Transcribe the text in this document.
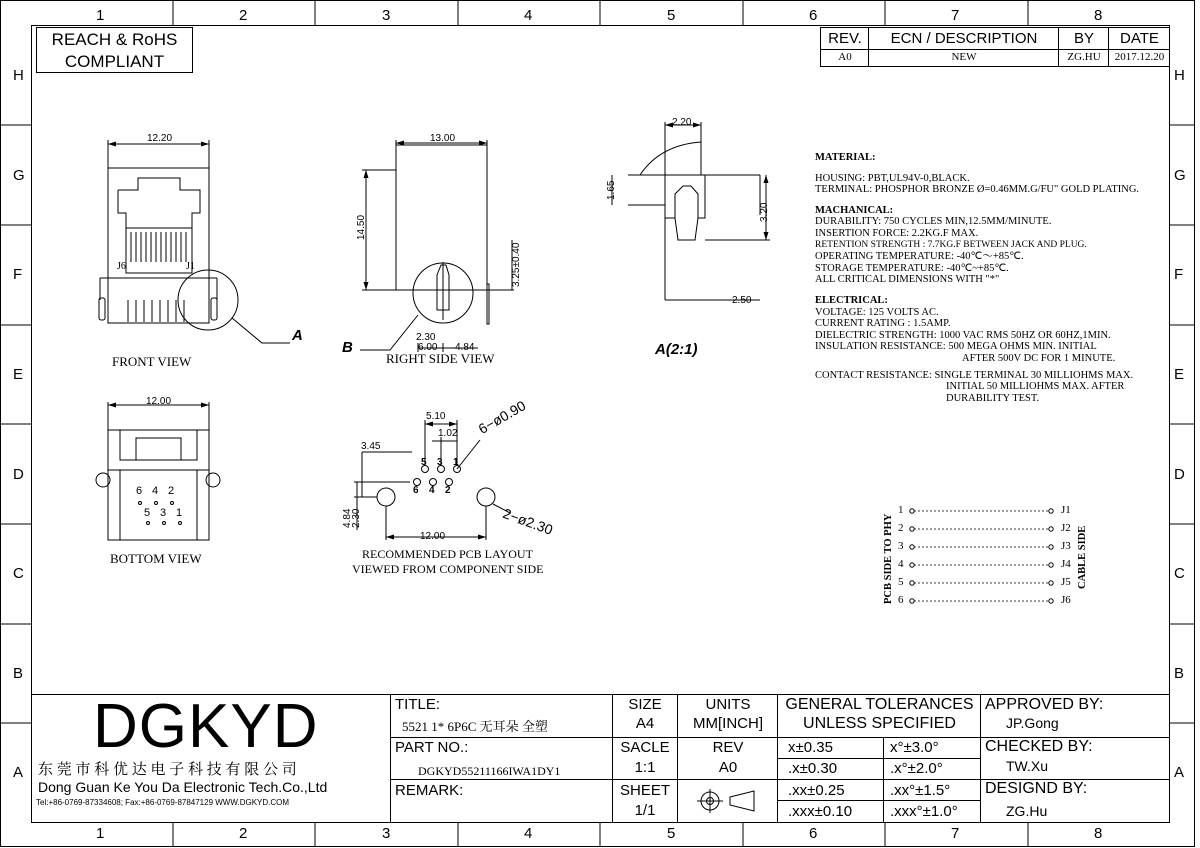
1	2	3	4	5	6	7	8
1	2	3	4	5	6	7	8
H
G
F
E
D
C
B
A
H
G
F
E
D
C
B
A
REACH & RoHS
COMPLIANT
REV.	ECN / DESCRIPTION	BY	DATE
A0	NEW	ZG.HU	2017.12.20
12.20
J6	J1
A
FRONT VIEW
13.00
14.50
3.25±0.40
2.30
6.00 4.84
B
RIGHT SIDE VIEW
2.20
1.65
3.20
2.50
A(2:1)
12.00
6 4 2
5 3 1
BOTTOM VIEW
5.10
1.02
3.45
4.84
2.30
12.00
6−ø0.90
2−ø2.30
5 3 1
6 4 2
RECOMMENDED PCB LAYOUT
VIEWED FROM COMPONENT SIDE
MATERIAL:
HOUSING: PBT,UL94V-0,BLACK.
TERMINAL: PHOSPHOR BRONZE Ø=0.46MM.G/FU" GOLD PLATING.
MACHANICAL:
DURABILITY: 750 CYCLES MIN,12.5MM/MINUTE.
INSERTION FORCE: 2.2KG.F MAX.
RETENTION STRENGTH : 7.7KG.F BETWEEN JACK AND PLUG.
OPERATING TEMPERATURE: -40℃～+85℃.
STORAGE TEMPERATURE: -40℃~+85℃.
ALL CRITICAL DIMENSIONS WITH "*"
ELECTRICAL:
VOLTAGE: 125 VOLTS AC.
CURRENT RATING : 1.5AMP.
DIELECTRIC STRENGTH: 1000 VAC RMS 50HZ OR 60HZ,1MIN.
INSULATION RESISTANCE: 500 MEGA OHMS MIN. INITIAL
AFTER 500V DC FOR 1 MINUTE.
CONTACT RESISTANCE: SINGLE TERMINAL 30 MILLIOHMS MAX.
INITIAL 50 MILLIOHMS MAX. AFTER
DURABILITY TEST.
1
2
3
4
5
6
J1
J2
J3
J4
J5
J6
PCB SIDE TO PHY	CABLE SIDE
DGKYD
东 莞 市 科 优 达 电 子 科 技 有 限 公 司
Dong Guan Ke You Da Electronic Tech.Co.,Ltd
Tel:+86-0769-87334608; Fax:+86-0769-87847129 WWW.DGKYD.COM
TITLE:
5521 1* 6P6C 无耳朵 全塑
PART NO.:
DGKYD55211166IWA1DY1
REMARK:
SIZE
A4
UNITS
MM[INCH]
SACLE
1:1
REV
A0
SHEET
1/1
GENERAL TOLERANCES
UNLESS SPECIFIED
x±0.35	x°±3.0°
.x±0.30	.x°±2.0°
.xx±0.25	.xx°±1.5°
.xxx±0.10	.xxx°±1.0°
APPROVED BY:
JP.Gong
CHECKED BY:
TW.Xu
DESIGND BY:
ZG.Hu
